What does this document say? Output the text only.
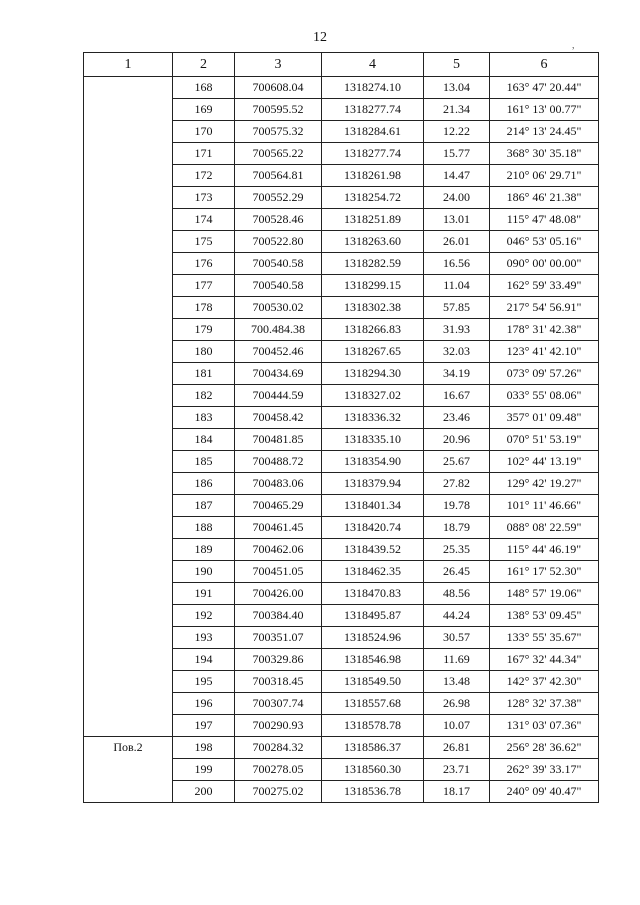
12
,
1	2	3	4	5	6
	168	700608.04	1318274.10	13.04	163° 47' 20.44"
	169	700595.52	1318277.74	21.34	161° 13' 00.77"
	170	700575.32	1318284.61	12.22	214° 13' 24.45"
	171	700565.22	1318277.74	15.77	368° 30' 35.18"
	172	700564.81	1318261.98	14.47	210° 06' 29.71"
	173	700552.29	1318254.72	24.00	186° 46' 21.38"
	174	700528.46	1318251.89	13.01	115° 47' 48.08"
	175	700522.80	1318263.60	26.01	046° 53' 05.16"
	176	700540.58	1318282.59	16.56	090° 00' 00.00"
	177	700540.58	1318299.15	11.04	162° 59' 33.49"
	178	700530.02	1318302.38	57.85	217° 54' 56.91"
	179	700.484.38	1318266.83	31.93	178° 31' 42.38"
	180	700452.46	1318267.65	32.03	123° 41' 42.10"
	181	700434.69	1318294.30	34.19	073° 09' 57.26"
	182	700444.59	1318327.02	16.67	033° 55' 08.06"
	183	700458.42	1318336.32	23.46	357° 01' 09.48"
	184	700481.85	1318335.10	20.96	070° 51' 53.19"
	185	700488.72	1318354.90	25.67	102° 44' 13.19"
	186	700483.06	1318379.94	27.82	129° 42' 19.27"
	187	700465.29	1318401.34	19.78	101° 11' 46.66"
	188	700461.45	1318420.74	18.79	088° 08' 22.59"
	189	700462.06	1318439.52	25.35	115° 44' 46.19"
	190	700451.05	1318462.35	26.45	161° 17' 52.30"
	191	700426.00	1318470.83	48.56	148° 57' 19.06"
	192	700384.40	1318495.87	44.24	138° 53' 09.45"
	193	700351.07	1318524.96	30.57	133° 55' 35.67"
	194	700329.86	1318546.98	11.69	167° 32' 44.34"
	195	700318.45	1318549.50	13.48	142° 37' 42.30"
	196	700307.74	1318557.68	26.98	128° 32' 37.38"
	197	700290.93	1318578.78	10.07	131° 03' 07.36"
Пов.2	198	700284.32	1318586.37	26.81	256° 28' 36.62"
	199	700278.05	1318560.30	23.71	262° 39' 33.17"
	200	700275.02	1318536.78	18.17	240° 09' 40.47"
